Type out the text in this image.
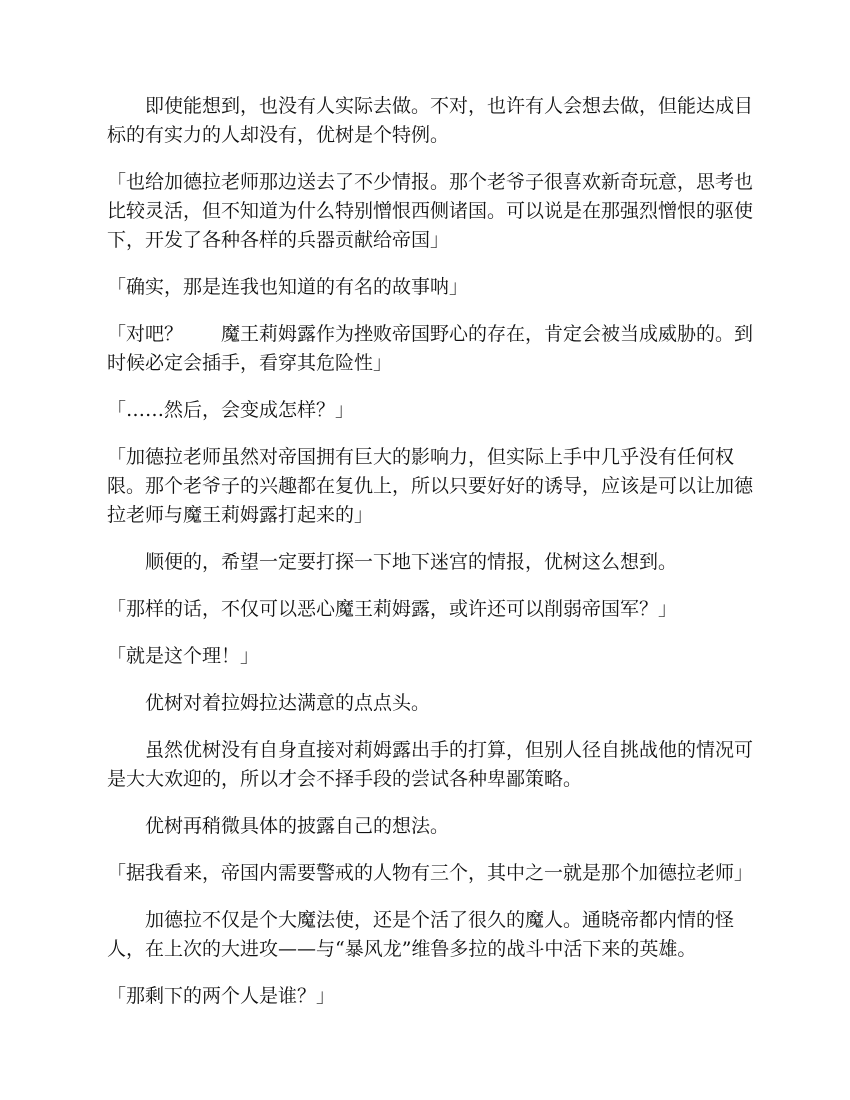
即使能想到，也没有人实际去做。不对，也许有人会想去做，但能达成目标的有实力的人却没有，优树是个特例。

「也给加德拉老师那边送去了不少情报。那个老爷子很喜欢新奇玩意，思考也比较灵活，但不知道为什么特别憎恨西侧诸国。可以说是在那强烈憎恨的驱使下，开发了各种各样的兵器贡献给帝国」

「确实，那是连我也知道的有名的故事呐」

「对吧？　　魔王莉姆露作为挫败帝国野心的存在，肯定会被当成威胁的。到时候必定会插手，看穿其危险性」

「……然后，会变成怎样？」

「加德拉老师虽然对帝国拥有巨大的影响力，但实际上手中几乎没有任何权限。那个老爷子的兴趣都在复仇上，所以只要好好的诱导，应该是可以让加德拉老师与魔王莉姆露打起来的」

顺便的，希望一定要打探一下地下迷宫的情报，优树这么想到。

「那样的话，不仅可以恶心魔王莉姆露，或许还可以削弱帝国军？」

「就是这个理！」

优树对着拉姆拉达满意的点点头。

虽然优树没有自身直接对莉姆露出手的打算，但别人径自挑战他的情况可是大大欢迎的，所以才会不择手段的尝试各种卑鄙策略。

优树再稍微具体的披露自己的想法。

「据我看来，帝国内需要警戒的人物有三个，其中之一就是那个加德拉老师」

加德拉不仅是个大魔法使，还是个活了很久的魔人。通晓帝都内情的怪人，在上次的大进攻——与“暴风龙”维鲁多拉的战斗中活下来的英雄。

「那剩下的两个人是谁？」
